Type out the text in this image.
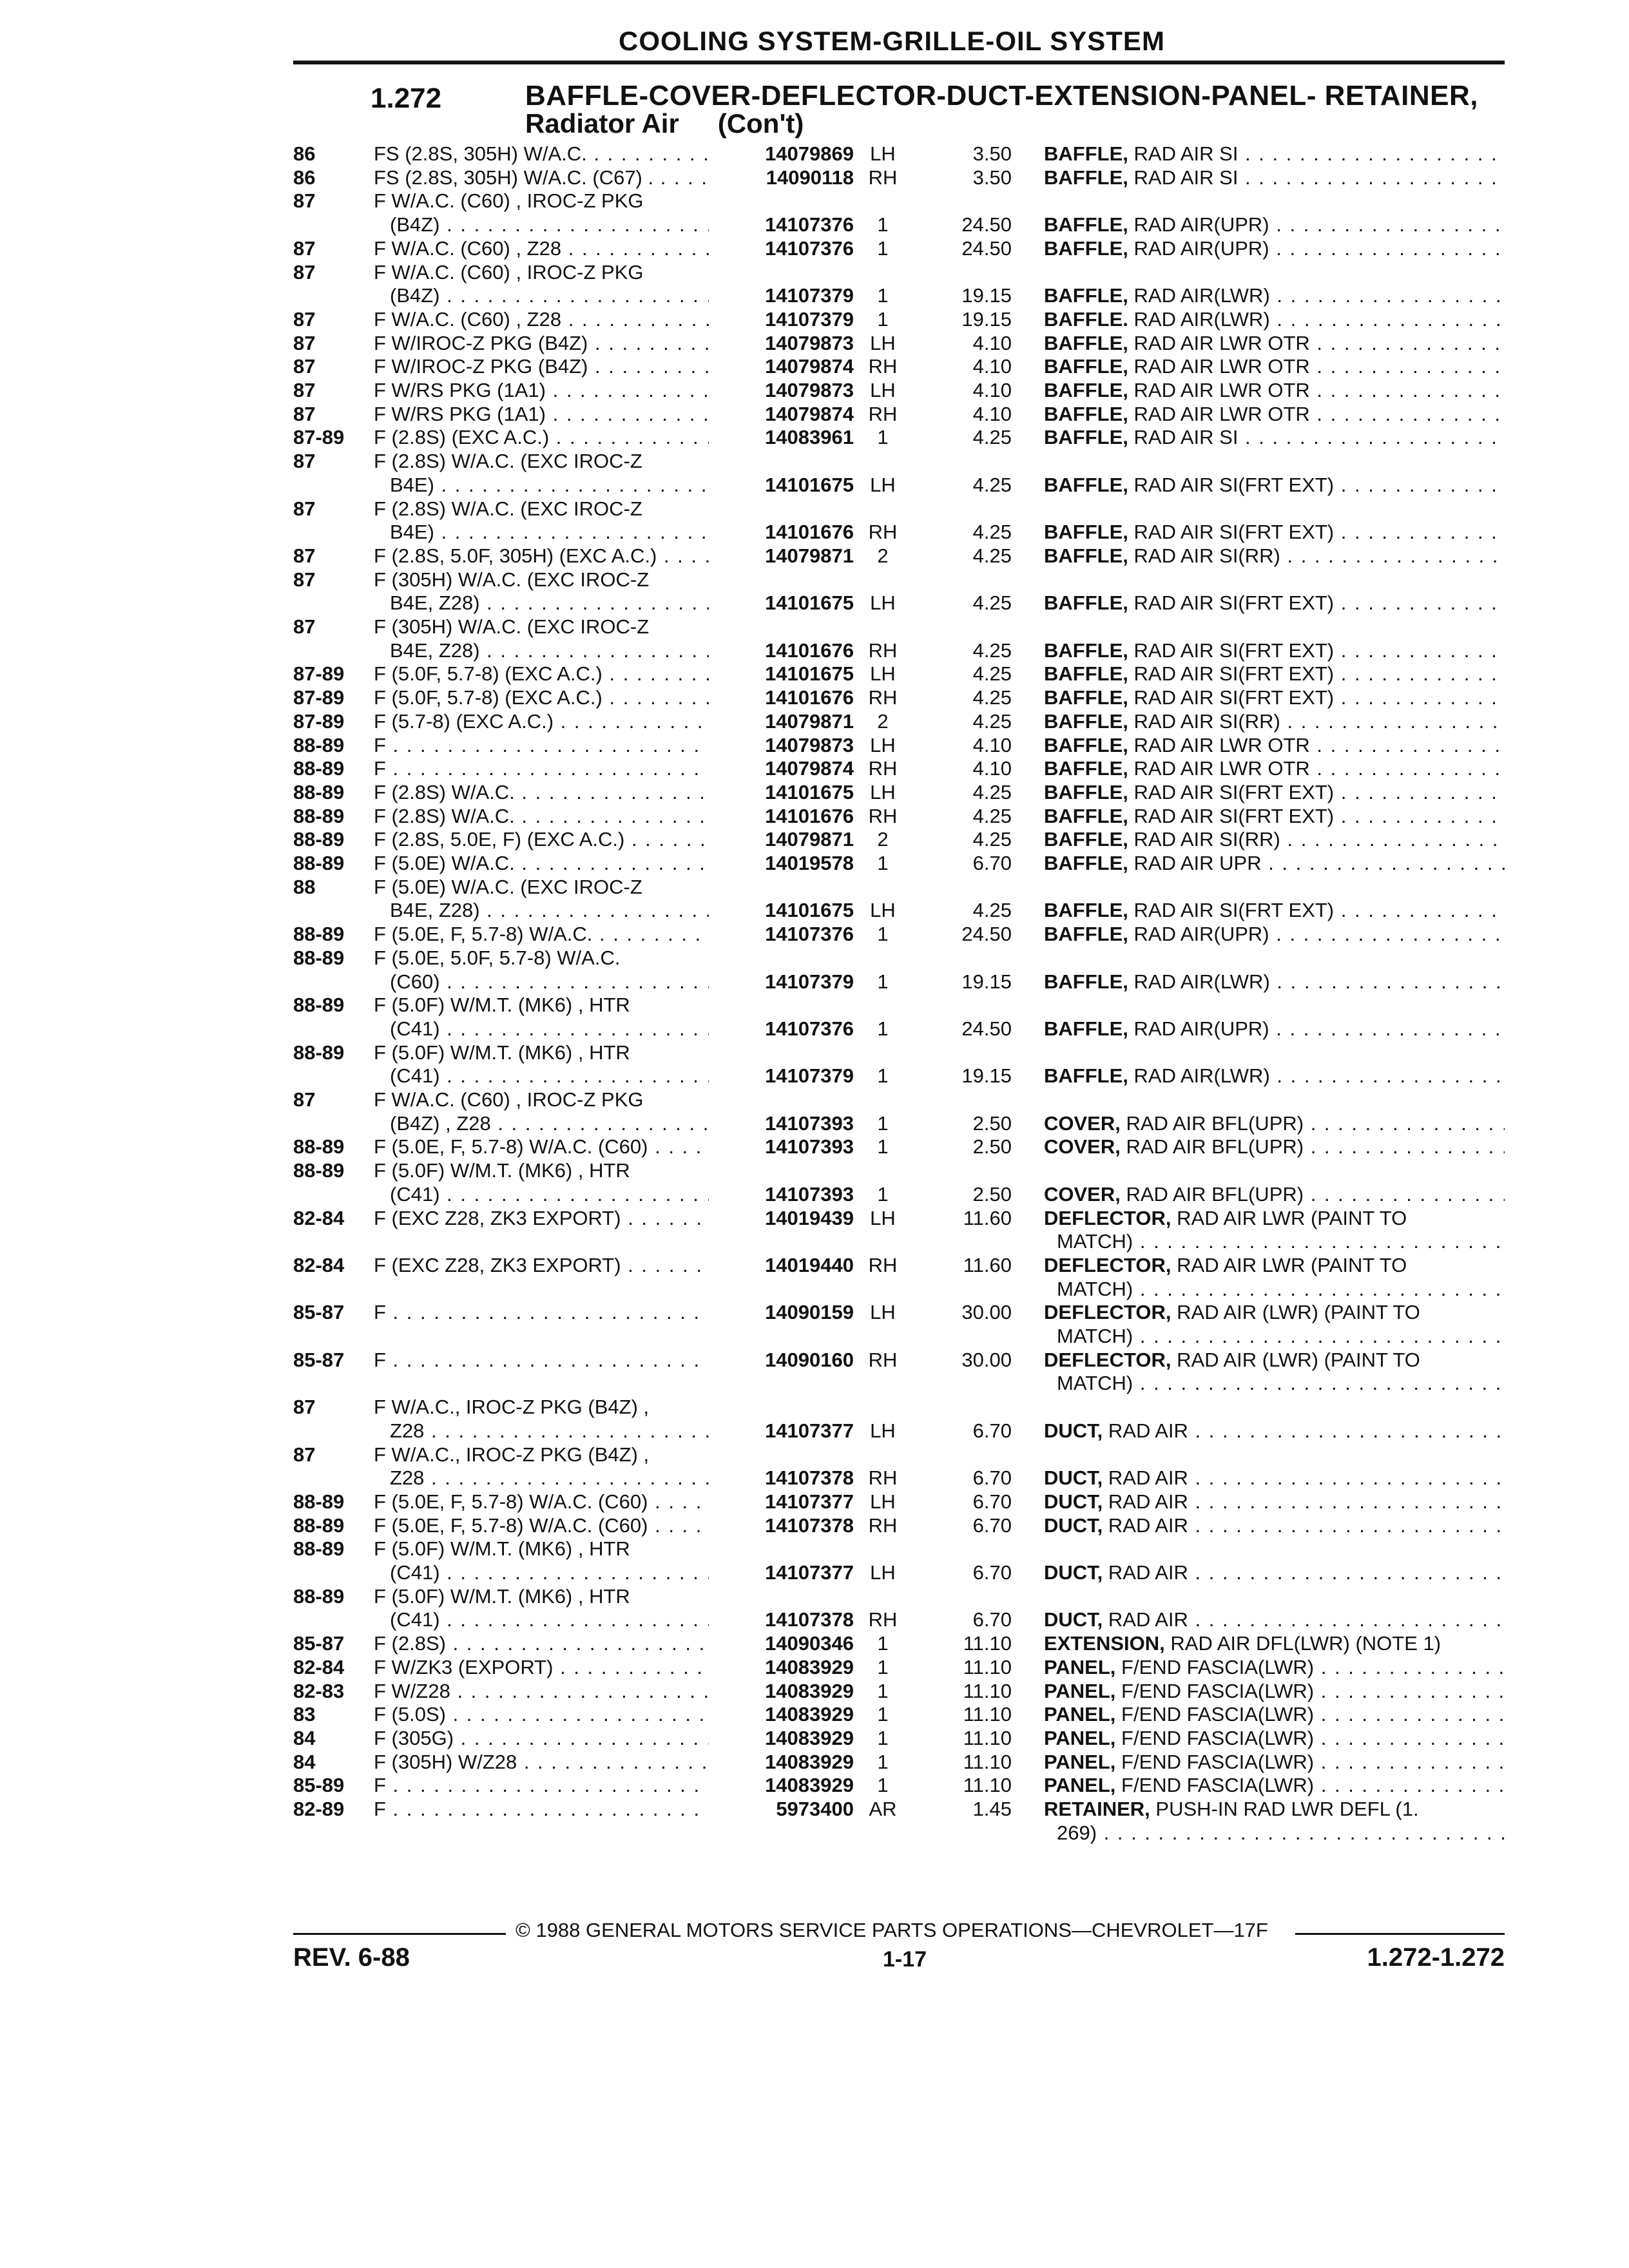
COOLING SYSTEM-GRILLE-OIL SYSTEM
1.272	BAFFLE-COVER-DEFLECTOR-DUCT-EXTENSION-PANEL- RETAINER,
Radiator Air (Con't)
86	FS (2.8S, 305H) W/A.C. . . .	14079869 LH	3.50 BAFFLE, RAD AIR SI . . .
86	FS (2.8S, 305H) W/A.C. (C67) . . . .	14090118 RH	3.50 BAFFLE, RAD AIR SI . . .
87	F W/A.C. (C60) , IROC-Z PKG
(B4Z) . . .	14107376	1	24.50 BAFFLE, RAD AIR(UPR) . . .
87	F W/A.C. (C60) , Z28 . . .	14107376	1	24.50 BAFFLE, RAD AIR(UPR) . . .
87	F W/A.C. (C60) , IROC-Z PKG
(B4Z) . . .	14107379	1	19.15 BAFFLE, RAD AIR(LWR) . . .
87	F W/A.C. (C60) , Z28 . . .	14107379	1	19.15 BAFFLE. RAD AIR(LWR) . . .
87	F W/IROC-Z PKG (B4Z) . . .	14079873 LH	4.10 BAFFLE, RAD AIR LWR OTR . . .
87	F W/IROC-Z PKG (B4Z) . . .	14079874 RH	4.10 BAFFLE, RAD AIR LWR OTR . . .
87	F W/RS PKG (1A1) . . .	14079873 LH	4.10 BAFFLE, RAD AIR LWR OTR . . .
87	F W/RS PKG (1A1) . . .	14079874 RH	4.10 BAFFLE, RAD AIR LWR OTR . . .
87-89	F (2.8S) (EXC A.C.) . . .	14083961	1	4.25 BAFFLE, RAD AIR SI . . .
87	F (2.8S) W/A.C. (EXC IROC-Z
B4E) . . .	14101675 LH	4.25 BAFFLE, RAD AIR SI(FRT EXT) . . .
87	F (2.8S) W/A.C. (EXC IROC-Z
B4E) . . .	14101676 RH	4.25 BAFFLE, RAD AIR SI(FRT EXT) . . .
87	F (2.8S, 5.0F, 305H) (EXC A.C.) . . .	14079871	2	4.25 BAFFLE, RAD AIR SI(RR) . . .
87	F (305H) W/A.C. (EXC IROC-Z
B4E, Z28) . . .	14101675 LH	4.25 BAFFLE, RAD AIR SI(FRT EXT) . . .
87	F (305H) W/A.C. (EXC IROC-Z
B4E, Z28) . . .	14101676 RH	4.25 BAFFLE, RAD AIR SI(FRT EXT) . . .
87-89	F (5.0F, 5.7-8) (EXC A.C.) . . .	14101675 LH	4.25 BAFFLE, RAD AIR SI(FRT EXT) . . .
87-89	F (5.0F, 5.7-8) (EXC A.C.) . . .	14101676 RH	4.25 BAFFLE, RAD AIR SI(FRT EXT) . . .
87-89	F (5.7-8) (EXC A.C.) . . .	14079871	2	4.25 BAFFLE, RAD AIR SI(RR) . . .
88-89	F . . .	14079873 LH	4.10 BAFFLE, RAD AIR LWR OTR . . .
88-89	F . . .	14079874 RH	4.10 BAFFLE, RAD AIR LWR OTR . . .
88-89	F (2.8S) W/A.C. . . .	14101675 LH	4.25 BAFFLE, RAD AIR SI(FRT EXT) . . .
88-89	F (2.8S) W/A.C. . . .	14101676 RH	4.25 BAFFLE, RAD AIR SI(FRT EXT) . . .
88-89	F (2.8S, 5.0E, F) (EXC A.C.) . . .	14079871	2	4.25 BAFFLE, RAD AIR SI(RR) . . .
88-89	F (5.0E) W/A.C. . . .	14019578	1	6.70 BAFFLE, RAD AIR UPR . . .
88	F (5.0E) W/A.C. (EXC IROC-Z
B4E, Z28) . . .	14101675 LH	4.25 BAFFLE, RAD AIR SI(FRT EXT) . . .
88-89	F (5.0E, F, 5.7-8) W/A.C. . . .	14107376	1	24.50 BAFFLE, RAD AIR(UPR) . . .
88-89	F (5.0E, 5.0F, 5.7-8) W/A.C.
(C60) . . .	14107379	1	19.15 BAFFLE, RAD AIR(LWR) . . .
88-89	F (5.0F) W/M.T. (MK6) , HTR
(C41) . . .	14107376	1	24.50 BAFFLE, RAD AIR(UPR) . . .
88-89	F (5.0F) W/M.T. (MK6) , HTR
(C41) . . .	14107379	1	19.15 BAFFLE, RAD AIR(LWR) . . .
87	F W/A.C. (C60) , IROC-Z PKG
(B4Z) , Z28 . . .	14107393	1	2.50 COVER, RAD AIR BFL(UPR) . . .
88-89	F (5.0E, F, 5.7-8) W/A.C. (C60) . . .	14107393	1	2.50 COVER, RAD AIR BFL(UPR) . . .
88-89	F (5.0F) W/M.T. (MK6) , HTR
(C41) . . .	14107393	1	2.50 COVER, RAD AIR BFL(UPR) . . .
82-84	F (EXC Z28, ZK3 EXPORT) . . .	14019439 LH	11.60 DEFLECTOR, RAD AIR LWR (PAINT TO
MATCH) . . .
82-84	F (EXC Z28, ZK3 EXPORT) . . .	14019440 RH	11.60 DEFLECTOR, RAD AIR LWR (PAINT TO
MATCH) . . .
85-87	F . . .	14090159 LH	30.00 DEFLECTOR, RAD AIR (LWR) (PAINT TO
MATCH) . . .
85-87	F . . .	14090160 RH	30.00 DEFLECTOR, RAD AIR (LWR) (PAINT TO
MATCH) . . .
87	F W/A.C., IROC-Z PKG (B4Z) ,
Z28 . . .	14107377 LH	6.70 DUCT, RAD AIR . . .
87	F W/A.C., IROC-Z PKG (B4Z) ,
Z28 . . .	14107378 RH	6.70 DUCT, RAD AIR . . .
88-89	F (5.0E, F, 5.7-8) W/A.C. (C60) . . .	14107377 LH	6.70 DUCT, RAD AIR . . .
88-89	F (5.0E, F, 5.7-8) W/A.C. (C60) . . .	14107378 RH	6.70 DUCT, RAD AIR . . .
88-89	F (5.0F) W/M.T. (MK6) , HTR
(C41) . . .	14107377 LH	6.70 DUCT, RAD AIR . . .
88-89	F (5.0F) W/M.T. (MK6) , HTR
(C41) . . .	14107378 RH	6.70 DUCT, RAD AIR . . .
85-87	F (2.8S) . . .	14090346	1	11.10 EXTENSION, RAD AIR DFL(LWR) (NOTE 1)
82-84	F W/ZK3 (EXPORT) . . .	14083929	1	11.10 PANEL, F/END FASCIA(LWR) . . .
82-83	F W/Z28 . . .	14083929	1	11.10 PANEL, F/END FASCIA(LWR) . . .
83	F (5.0S) . . .	14083929	1	11.10 PANEL, F/END FASCIA(LWR) . . .
84	F (305G) . . .	14083929	1	11.10 PANEL, F/END FASCIA(LWR) . . .
84	F (305H) W/Z28 . . .	14083929	1	11.10 PANEL, F/END FASCIA(LWR) . . .
85-89	F . . .	14083929	1	11.10 PANEL, F/END FASCIA(LWR) . . .
82-89	F . . .	5973400 AR	1.45 RETAINER, PUSH-IN RAD LWR DEFL (1.
269) . . .
© 1988 GENERAL MOTORS SERVICE PARTS OPERATIONS—CHEVROLET—17F
REV. 6-88	1-17	1.272-1.272
